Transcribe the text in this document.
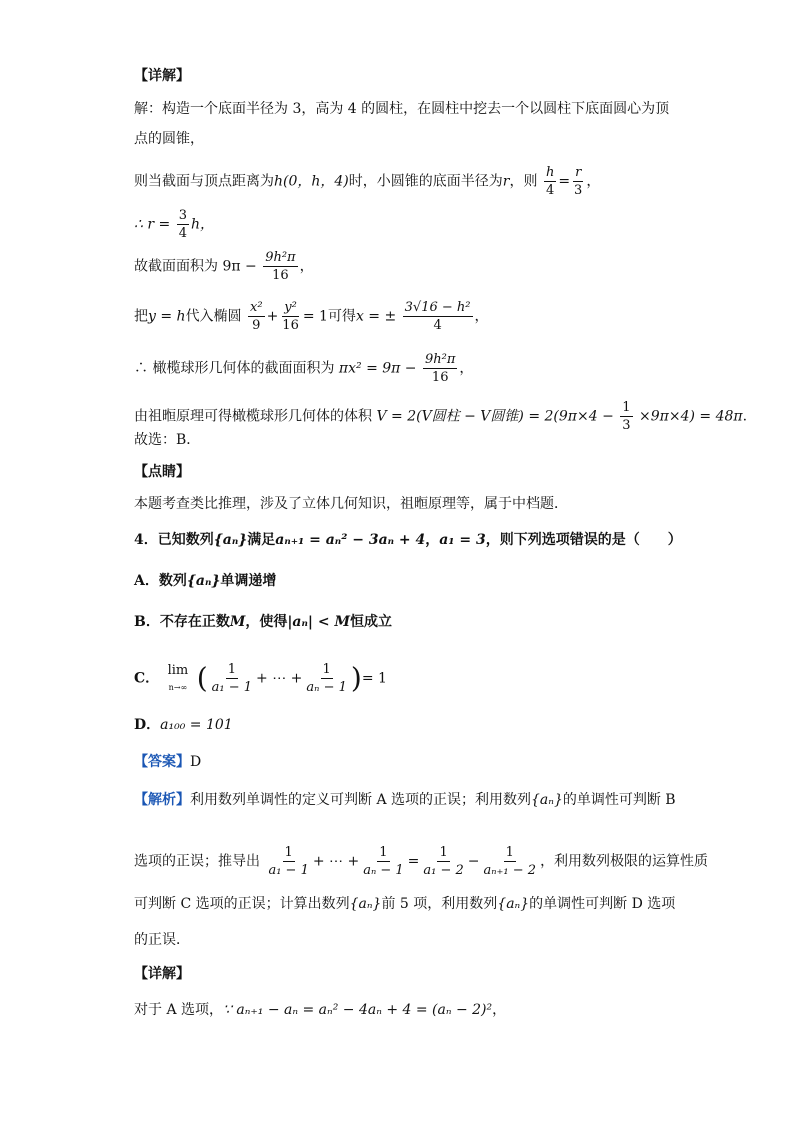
【详解】
解：构造一个底面半径为 3，高为 4 的圆柱，在圆柱中挖去一个以圆柱下底面圆心为顶
点的圆锥，
则当截面与顶点距离为h(0，h，4)时，小圆锥的底面半径为r，则 $\frac{h}{4} = \frac{r}{3}$ ，
∴ $r = \frac{3}{4}$ h，
故截面面积为 $9\pi - \frac{\text{9h²π}}{16}$ ，
把y = h代入椭圆 $\frac{\text{x²}}{9} + \frac{\text{y²}}{16} = 1$可得x = ± $\frac{\text{3√16 − h²}}{4}$ ，
∴ 橄榄球形几何体的截面面积为 $\pi x^2 = 9\pi - \frac{\text{9h²π}}{16}$ ，
由祖暅原理可得橄榄球形几何体的体积 V = 2(V圆柱 − V圆锥) = $2(9\pi\times 4 - \frac{1}{3} \times 9\pi\times 4) = 48\pi$.
故选：B．
【点睛】
本题考查类比推理，涉及了立体几何知识，祖暅原理等，属于中档题．
4．已知数列{aₙ}满足aₙ₊₁ = aₙ² − 3aₙ + 4，a₁ = 3，则下列选项错误的是（　　）
A．数列{aₙ}单调递增
B．不存在正数M，使得|aₙ| < M恒成立
C．
lim
n→∞ ( $\frac{1}{\text{a₁ − 1}}$ + ⋯ + $\frac{1}{\text{aₙ − 1}}$ )= 1
D．a₁₀₀ = 101
【答案】D
【解析】利用数列单调性的定义可判断 A 选项的正误；利用数列{aₙ}的单调性可判断 B
选项的正误；推导出 $\frac{1}{\text{a₁ − 1}}$ + ⋯ + $\frac{1}{\text{aₙ − 1}} = \frac{1}{\text{a₁ − 2}} - \frac{1}{\text{aₙ₊₁ − 2}}$ ，利用数列极限的运算性质
可判断 C 选项的正误；计算出数列{aₙ}前 5 项，利用数列{aₙ}的单调性可判断 D 选项
的正误．
【详解】
对于 A 选项，∵ aₙ₊₁ − aₙ = aₙ² − 4aₙ + 4 = (aₙ − 2)²，
